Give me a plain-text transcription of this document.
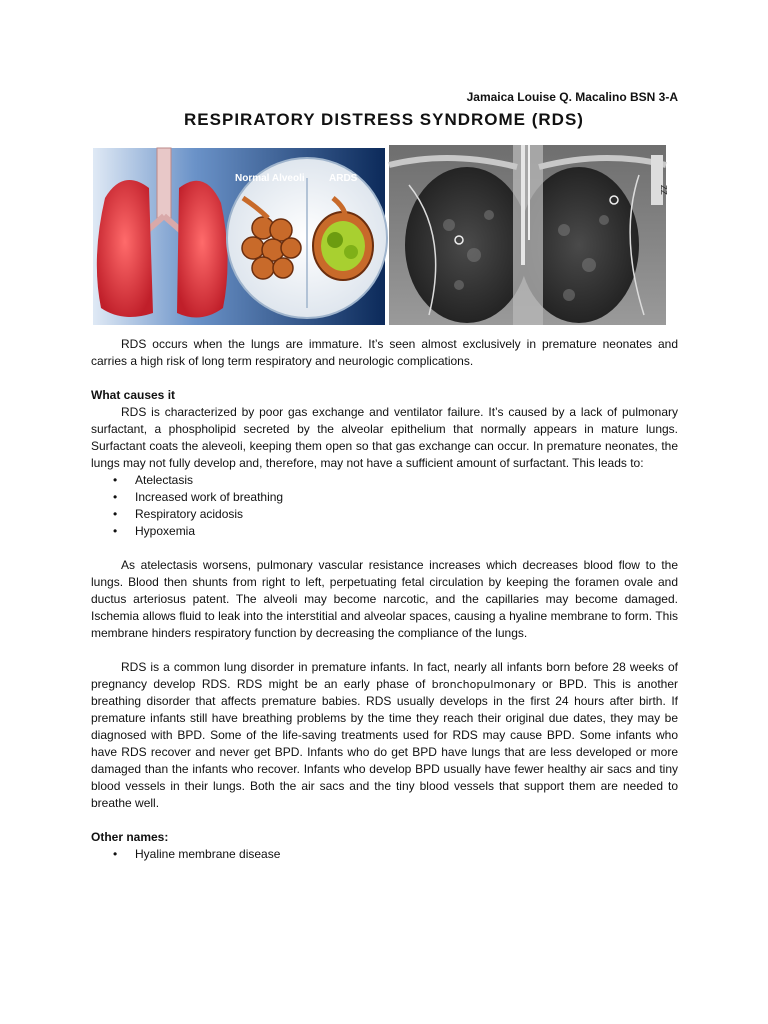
Jamaica Louise Q. Macalino BSN 3-A
RESPIRATORY DISTRESS SYNDROME (RDS)
Normal Alveoli ARDS
ZZ

RDS occurs when the lungs are immature. It’s seen almost exclusively in premature neonates and carries a high risk of long term respiratory and neurologic complications.

What causes it

RDS is characterized by poor gas exchange and ventilator failure. It’s caused by a lack of pulmonary surfactant, a phospholipid secreted by the alveolar epithelium that normally appears in mature lungs. Surfactant coats the aleveoli, keeping them open so that gas exchange can occur. In premature neonates, the lungs may not fully develop and, therefore, may not have a sufficient amount of surfactant. This leads to:

• Atelectasis
• Increased work of breathing
• Respiratory acidosis
• Hypoxemia

As atelectasis worsens, pulmonary vascular resistance increases which decreases blood flow to the lungs. Blood then shunts from right to left, perpetuating fetal circulation by keeping the foramen ovale and ductus arteriosus patent. The alveoli may become narcotic, and the capillaries may become damaged. Ischemia allows fluid to leak into the interstitial and alveolar spaces, causing a hyaline membrane to form. This membrane hinders respiratory function by decreasing the compliance of the lungs.

RDS is a common lung disorder in premature infants. In fact, nearly all infants born before 28 weeks of pregnancy develop RDS. RDS might be an early phase of bronchopulmonary or BPD. This is another breathing disorder that affects premature babies. RDS usually develops in the first 24 hours after birth. If premature infants still have breathing problems by the time they reach their original due dates, they may be diagnosed with BPD. Some of the life-saving treatments used for RDS may cause BPD. Some infants who have RDS recover and never get BPD. Infants who do get BPD have lungs that are less developed or more damaged than the infants who recover. Infants who develop BPD usually have fewer healthy air sacs and tiny blood vessels in their lungs. Both the air sacs and the tiny blood vessels that support them are needed to breathe well.

Other names:

• Hyaline membrane disease
